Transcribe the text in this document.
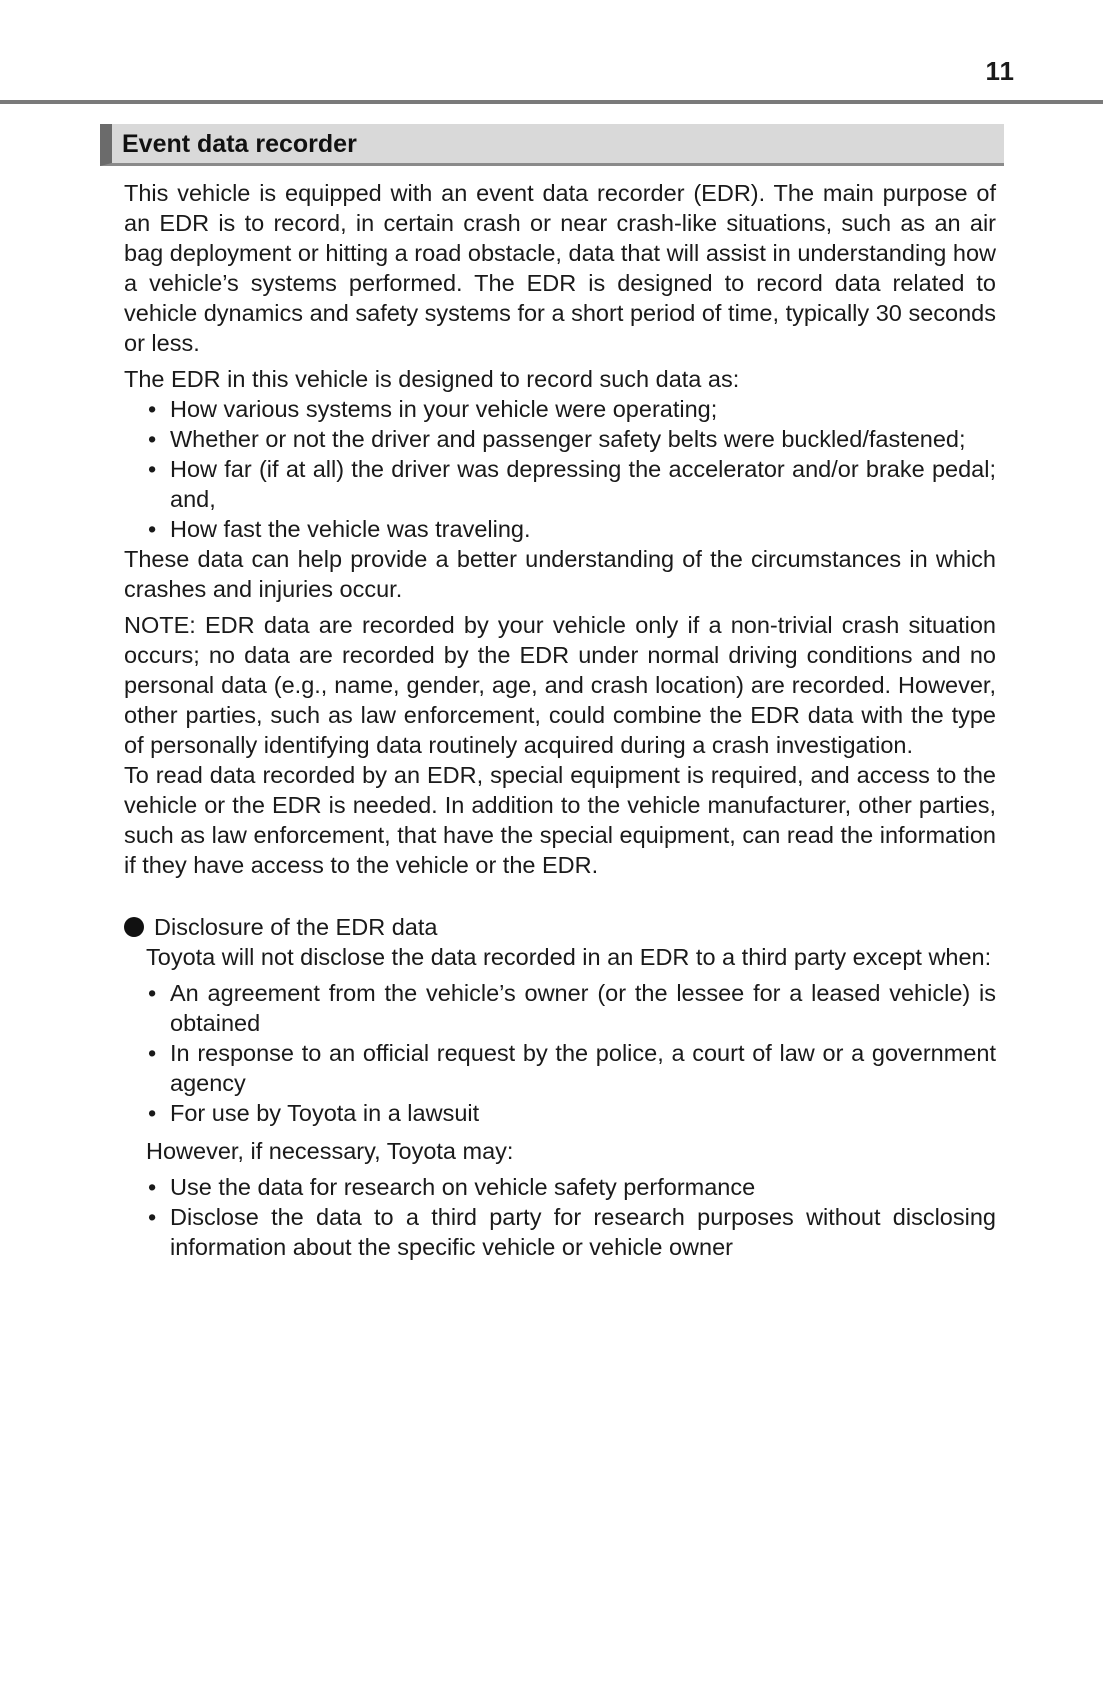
11
Event data recorder

This vehicle is equipped with an event data recorder (EDR). The main purpose of an EDR is to record, in certain crash or near crash-like situations, such as an air bag deployment or hitting a road obstacle, data that will assist in understanding how a vehicle’s systems performed. The EDR is designed to record data related to vehicle dynamics and safety systems for a short period of time, typically 30 seconds or less.

The EDR in this vehicle is designed to record such data as:

• How various systems in your vehicle were operating;
• Whether or not the driver and passenger safety belts were buckled/fastened;
• How far (if at all) the driver was depressing the accelerator and/or brake pedal; and,
• How fast the vehicle was traveling.

These data can help provide a better understanding of the circumstances in which crashes and injuries occur.

NOTE: EDR data are recorded by your vehicle only if a non-trivial crash situation occurs; no data are recorded by the EDR under normal driving conditions and no personal data (e.g., name, gender, age, and crash location) are recorded. However, other parties, such as law enforcement, could combine the EDR data with the type of personally identifying data routinely acquired during a crash investigation.

To read data recorded by an EDR, special equipment is required, and access to the vehicle or the EDR is needed. In addition to the vehicle manufacturer, other parties, such as law enforcement, that have the special equipment, can read the information if they have access to the vehicle or the EDR.

Disclosure of the EDR data

Toyota will not disclose the data recorded in an EDR to a third party except when:

• An agreement from the vehicle’s owner (or the lessee for a leased vehicle) is obtained
• In response to an official request by the police, a court of law or a government agency
• For use by Toyota in a lawsuit

However, if necessary, Toyota may:

• Use the data for research on vehicle safety performance
• Disclose the data to a third party for research purposes without disclosing information about the specific vehicle or vehicle owner
